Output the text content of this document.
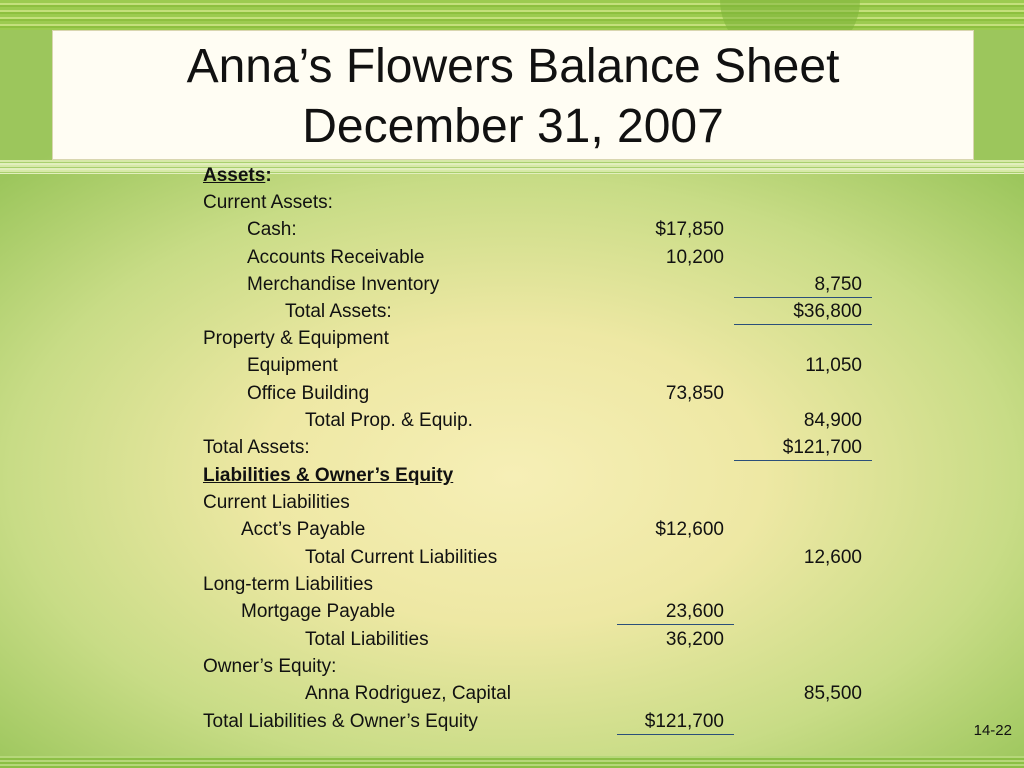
Anna’s Flowers Balance Sheet
December 31, 2007
Assets:
Current Assets:
Cash:	$17,850
Accounts Receivable	10,200
Merchandise Inventory	8,750
Total Assets:	$36,800
Property & Equipment
Equipment	11,050
Office Building	73,850
Total Prop. & Equip.	84,900
Total Assets:	$121,700
Liabilities & Owner’s Equity
Current Liabilities
Acct’s Payable	$12,600
Total Current Liabilities	12,600
Long-term Liabilities
Mortgage Payable	23,600
Total Liabilities	36,200
Owner’s Equity:
Anna Rodriguez, Capital	85,500
Total Liabilities & Owner’s Equity	$121,700	14-22
